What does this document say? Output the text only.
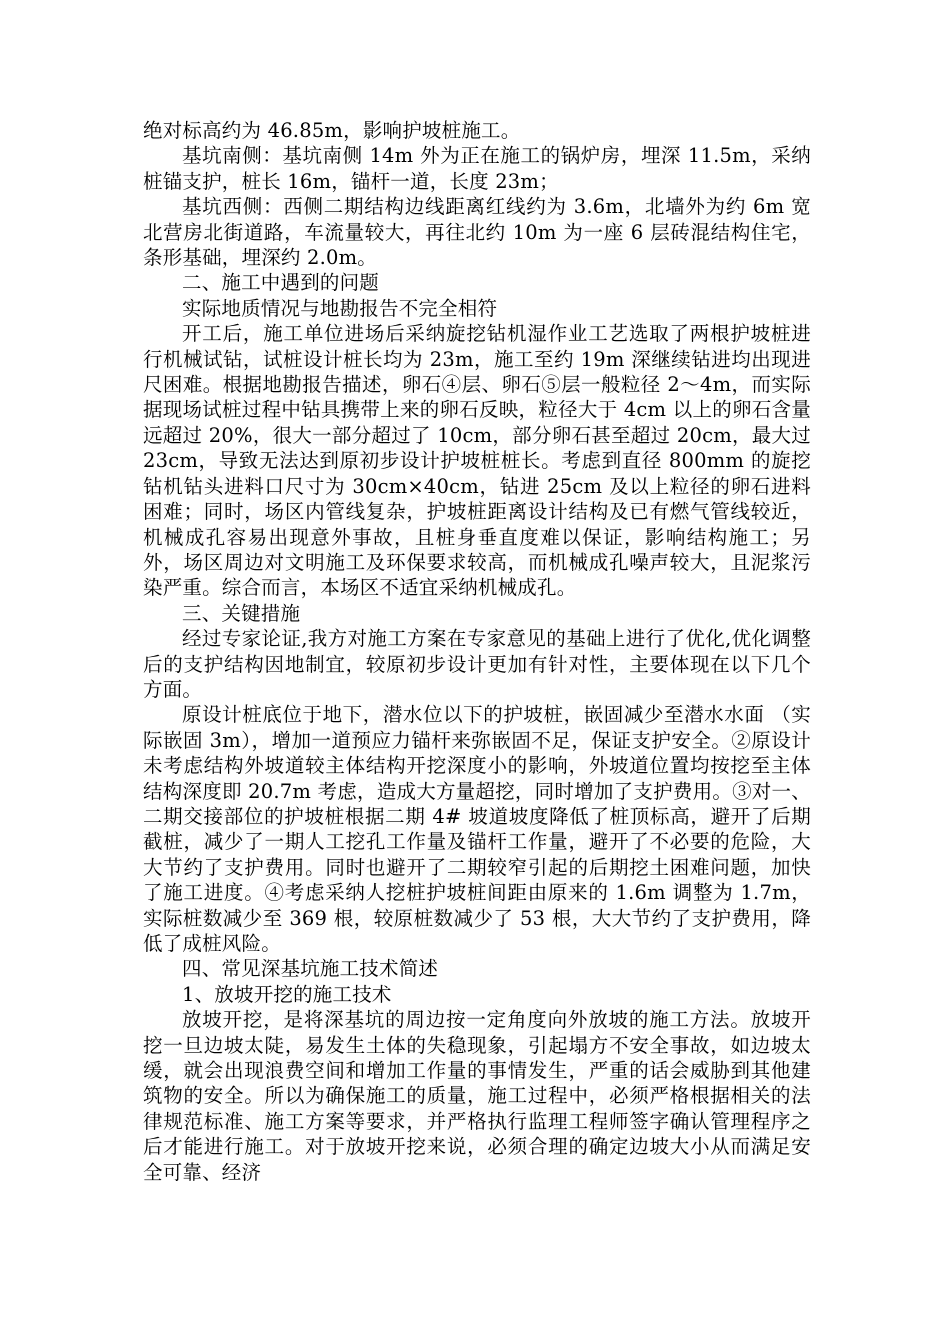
绝对标高约为 46.85m，影响护坡桩施工。

基坑南侧：基坑南侧 14m 外为正在施工的锅炉房，埋深 11.5m，采纳桩锚支护，桩长 16m，锚杆一道，长度 23m；

基坑西侧：西侧二期结构边线距离红线约为 3.6m，北墙外为约 6m 宽北营房北街道路，车流量较大，再往北约 10m 为一座 6 层砖混结构住宅，条形基础，埋深约 2.0m。

二、施工中遇到的问题

实际地质情况与地勘报告不完全相符

开工后，施工单位进场后采纳旋挖钻机湿作业工艺选取了两根护坡桩进行机械试钻，试桩设计桩长均为 23m，施工至约 19m 深继续钻进均出现进尺困难。根据地勘报告描述，卵石④层、卵石⑤层一般粒径 2～4m，而实际据现场试桩过程中钻具携带上来的卵石反映，粒径大于 4cm 以上的卵石含量远超过 20%，很大一部分超过了 10cm，部分卵石甚至超过 20cm，最大过 23cm，导致无法达到原初步设计护坡桩桩长。考虑到直径 800mm 的旋挖钻机钻头进料口尺寸为 30cm×40cm，钻进 25cm 及以上粒径的卵石进料困难；同时，场区内管线复杂，护坡桩距离设计结构及已有燃气管线较近，机械成孔容易出现意外事故，且桩身垂直度难以保证，影响结构施工；另外，场区周边对文明施工及环保要求较高，而机械成孔噪声较大，且泥浆污染严重。综合而言，本场区不适宜采纳机械成孔。

三、关键措施

经过专家论证,我方对施工方案在专家意见的基础上进行了优化,优化调整后的支护结构因地制宜，较原初步设计更加有针对性，主要体现在以下几个方面。

原设计桩底位于地下，潜水位以下的护坡桩，嵌固减少至潜水水面 （实际嵌固 3m），增加一道预应力锚杆来弥嵌固不足，保证支护安全。②原设计未考虑结构外坡道较主体结构开挖深度小的影响，外坡道位置均按挖至主体结构深度即 20.7m 考虑，造成大方量超挖，同时增加了支护费用。③对一、二期交接部位的护坡桩根据二期 4# 坡道坡度降低了桩顶标高，避开了后期截桩，减少了一期人工挖孔工作量及锚杆工作量，避开了不必要的危险，大大节约了支护费用。同时也避开了二期较窄引起的后期挖土困难问题，加快了施工进度。④考虑采纳人挖桩护坡桩间距由原来的 1.6m 调整为 1.7m，实际桩数减少至 369 根，较原桩数减少了 53 根，大大节约了支护费用，降低了成桩风险。

四、常见深基坑施工技术简述

1、放坡开挖的施工技术

放坡开挖，是将深基坑的周边按一定角度向外放坡的施工方法。放坡开挖一旦边坡太陡，易发生土体的失稳现象，引起塌方不安全事故，如边坡太缓，就会出现浪费空间和增加工作量的事情发生，严重的话会威胁到其他建筑物的安全。所以为确保施工的质量，施工过程中，必须严格根据相关的法律规范标准、施工方案等要求，并严格执行监理工程师签字确认管理程序之后才能进行施工。对于放坡开挖来说，必须合理的确定边坡大小从而满足安全可靠、经济
